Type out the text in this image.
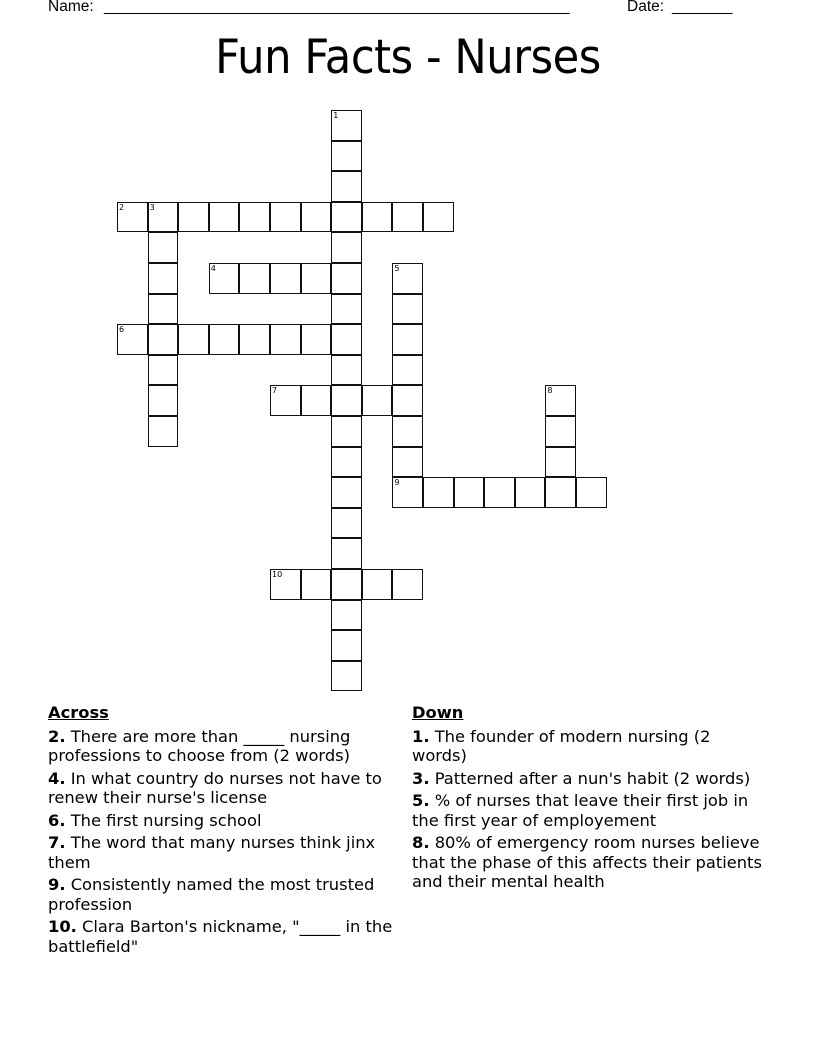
Name: ______________________________________________________	Date: _______
Fun Facts - Nurses
1
2	3
4	5
9
6
7	8
10
Across
2. There are more than _____ nursing professions to choose from (2 words)
4. In what country do nurses not have to renew their nurse's license
6. The first nursing school
7. The word that many nurses think jinx them
9. Consistently named the most trusted profession
10. Clara Barton's nickname, "_____ in the battlefield"
Down
1. The founder of modern nursing (2 words)
3. Patterned after a nun's habit (2 words)
5. % of nurses that leave their first job in the first year of employement
8. 80% of emergency room nurses believe that the phase of this affects their patients and their mental health
